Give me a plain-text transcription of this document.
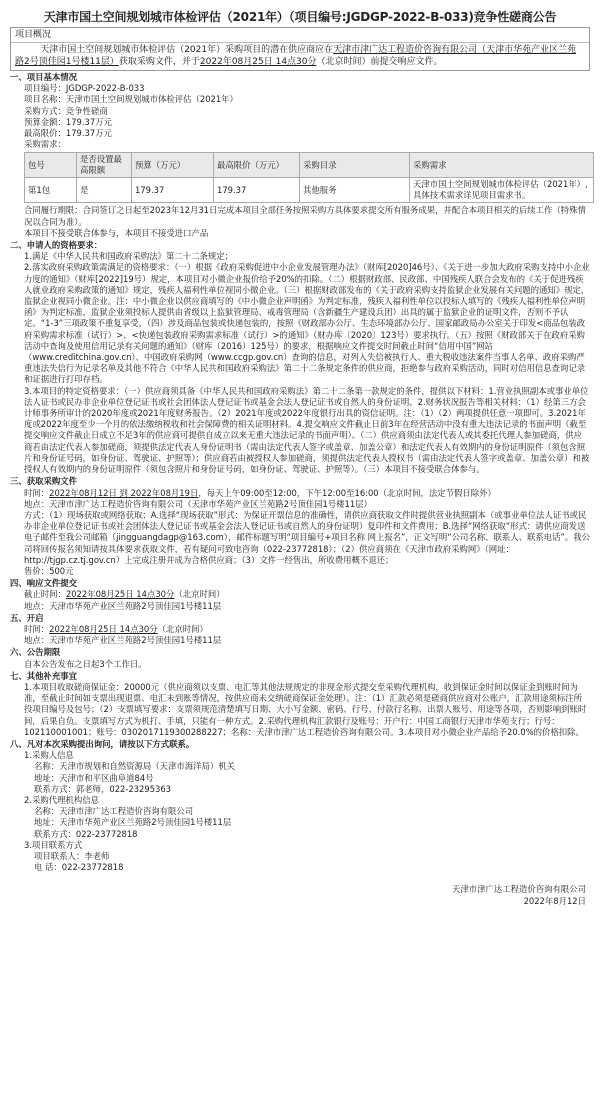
天津市国土空间规划城市体检评估（2021年）（项目编号:JGDGP-2022-B-033)竞争性磋商公告
项目概况
天津市国土空间规划城市体检评估（2021年）采购项目的潜在供应商应在天津市津广达工程造价咨询有限公司（天津市华苑产业区兰苑路2号顶佳园1号楼11层）获取采购文件，并于2022年08月25日 14点30分（北京时间）前提交响应文件。
一、项目基本情况
项目编号：JGDGP-2022-B-033
项目名称：天津市国土空间规划城市体检评估（2021年）
采购方式：竞争性磋商
预算金额：179.37万元
最高限价：179.37万元
采购需求：
包号	是否设置最高限额	预算（万元）	最高限价（万元）	采购目录	采购需求
第1包	是	179.37	179.37	其他服务	天津市国土空间规划城市体检评估（2021年）,具体技术需求详见项目需求书。
合同履行期限：合同签订之日起至2023年12月31日完成本项目全部任务按照采购方具体要求提交所有服务成果，并配合本项目相关的后续工作（特殊情况以合同为准）。
本项目不接受联合体参与，本项目不接受进口产品
二、申请人的资格要求：
1.满足《中华人民共和国政府采购法》第二十二条规定；
2.落实政府采购政策需满足的资格要求：（一）根据《政府采购促进中小企业发展管理办法》（财库[2020]46号）、《关于进一步加大政府采购支持中小企业力度的通知》（财库[2022]19号）规定，本项目对小微企业报价给予20%的扣除。（二）根据财政部、民政部、中国残疾人联合会发布的《关于促进残疾人就业政府采购政策的通知》规定，残疾人福利性单位视同小微企业。（三）根据财政部发布的《关于政府采购支持监狱企业发展有关问题的通知》规定，监狱企业视同小微企业。注：中小微企业以供应商填写的《中小微企业声明函》为判定标准，残疾人福利性单位以投标人填写的《残疾人福利性单位声明函》为判定标准，监狱企业须投标人提供由省级以上监狱管理局、戒毒管理局（含新疆生产建设兵团）出具的属于监狱企业的证明文件，否则不予认定。“1-3”三项政策不重复享受。（四）涉及商品包装或快递包装的，按照《财政部办公厅、生态环境部办公厅、国家邮政局办公室关于印发<商品包装政府采购需求标准（试行）>、<快递包装政府采购需求标准（试行）>的通知》（财办库〔2020〕123号）要求执行。（五）按照《财政部关于在政府采购活动中查询及使用信用记录有关问题的通知》（财库（2016）125号）的要求，根据响应文件提交时间截止时间“信用中国”网站（www.creditchina.gov.cn）、中国政府采购网（www.ccgp.gov.cn）查询的信息，对列入失信被执行人、重大税收违法案件当事人名单、政府采购严重违法失信行为记录名单及其他不符合《中华人民共和国政府采购法》第二十二条规定条件的供应商，拒绝参与政府采购活动，同时对信用信息查询记录和证据进行打印存档。
3.本项目的特定资格要求：（一）供应商须具备《中华人民共和国政府采购法》第二十二条第一款规定的条件，提供以下材料：1.营业执照副本或事业单位法人证书或民办非企业单位登记证书或社会团体法人登记证书或基金会法人登记证书或自然人的身份证明。2.财务状况报告等相关材料：（1）经第三方会计师事务所审计的2020年度或2021年度财务报告。（2）2021年度或2022年度银行出具的资信证明。注：（1）（2）两项提供任意一项即可。3.2021年度或2022年度至少一个月的依法缴纳税收和社会保障费的相关证明材料。4.提交响应文件截止日前3年在经营活动中没有重大违法记录的书面声明（截至提交响应文件截止日成立不足3年的供应商可提供自成立以来无重大违法记录的书面声明）。（二）供应商须由法定代表人或其委托代理人参加磋商，供应商若由法定代表人参加磋商，须提供法定代表人身份证明书（需由法定代表人签字或盖章、加盖公章）和法定代表人有效期内的身份证明原件（须包含照片和身份证号码，如身份证、驾驶证、护照等）；供应商若由被授权人参加磋商，须提供法定代表人授权书（需由法定代表人签字或盖章、加盖公章）和被授权人有效期内的身份证明原件（须包含照片和身份证号码，如身份证、驾驶证、护照等）。（三）本项目不接受联合体参与。
三、获取采购文件
时间：2022年08月12日 到 2022年08月19日，每天上午09:00至12:00，下午12:00至16:00（北京时间，法定节假日除外）
地点：天津市津广达工程造价咨询有限公司（天津市华苑产业区兰苑路2号顶佳园1号楼11层）
方式：（1）现场获取或网络获取；A.选择“现场获取”形式：为保证开票信息的准确性，请供应商获取文件时提供营业执照副本（或事业单位法人证书或民办非企业单位登记证书或社会团体法人登记证书或基金会法人登记证书或自然人的身份证明）复印件和文件费用；B.选择“网络获取”形式：请供应商发送电子邮件至我公司邮箱（jingguangdagp@163.com），邮件标题写明“项目编号+项目名称 网上报名”，正文写明“公司名称、联系人、联系电话”。我公司将回传报名须知请按具体要求获取文件，若有疑问可致电咨询（022-23772818）；（2）供应商须在《天津市政府采购网》（网址：http://tjgp.cz.tj.gov.cn）上完成注册并成为合格供应商；（3）文件一经售出，所收费用概不退还；
售价：500元
四、响应文件提交
截止时间：2022年08月25日 14点30分（北京时间）
地点：天津市华苑产业区兰苑路2号顶佳园1号楼11层
五、开启
时间：2022年08月25日 14点30分（北京时间）
地点：天津市华苑产业区兰苑路2号顶佳园1号楼11层
六、公告期限
自本公告发布之日起3个工作日。
七、其他补充事宜
1.本项目收取磋商保证金：20000元（供应商须以支票、电汇等其他法规规定的非现金形式提交至采购代理机构，收到保证金时间以保证金到账时间为准，至截止时间如支票出现退票、电汇未到账等情况，按供应商未交纳磋商保证金处理）。注：（1）汇款必须是磋商供应商对公账户，汇款用途须标注所投项目编号及包号；（2）支票填写要求：支票须规范清楚填写日期、大小写金额、密码、行号、付款行名称、出票人账号、用途等各项，否则影响到账时间，后果自负。支票填写方式为机打、手填，只能有一种方式。2.采购代理机构汇款银行及账号：开户行：中国工商银行天津市华苑支行；行号：102110001001；账号：0302017119300288227；名称：天津市津广达工程造价咨询有限公司。3.本项目对小微企业产品给予20.0%的价格扣除。
八、凡对本次采购提出询问，请按以下方式联系。
1.采购人信息
名称：天津市规划和自然资源局（天津市海洋局）机关
地址：天津市和平区曲阜道84号
联系方式：郭老师，022-23295363
2.采购代理机构信息
名称：天津市津广达工程造价咨询有限公司
地址：天津市华苑产业区兰苑路2号顶佳园1号楼11层
联系方式：022-23772818
3.项目联系方式
项目联系人：李老师
电 话：022-23772818
天津市津广达工程造价咨询有限公司
2022年8月12日
